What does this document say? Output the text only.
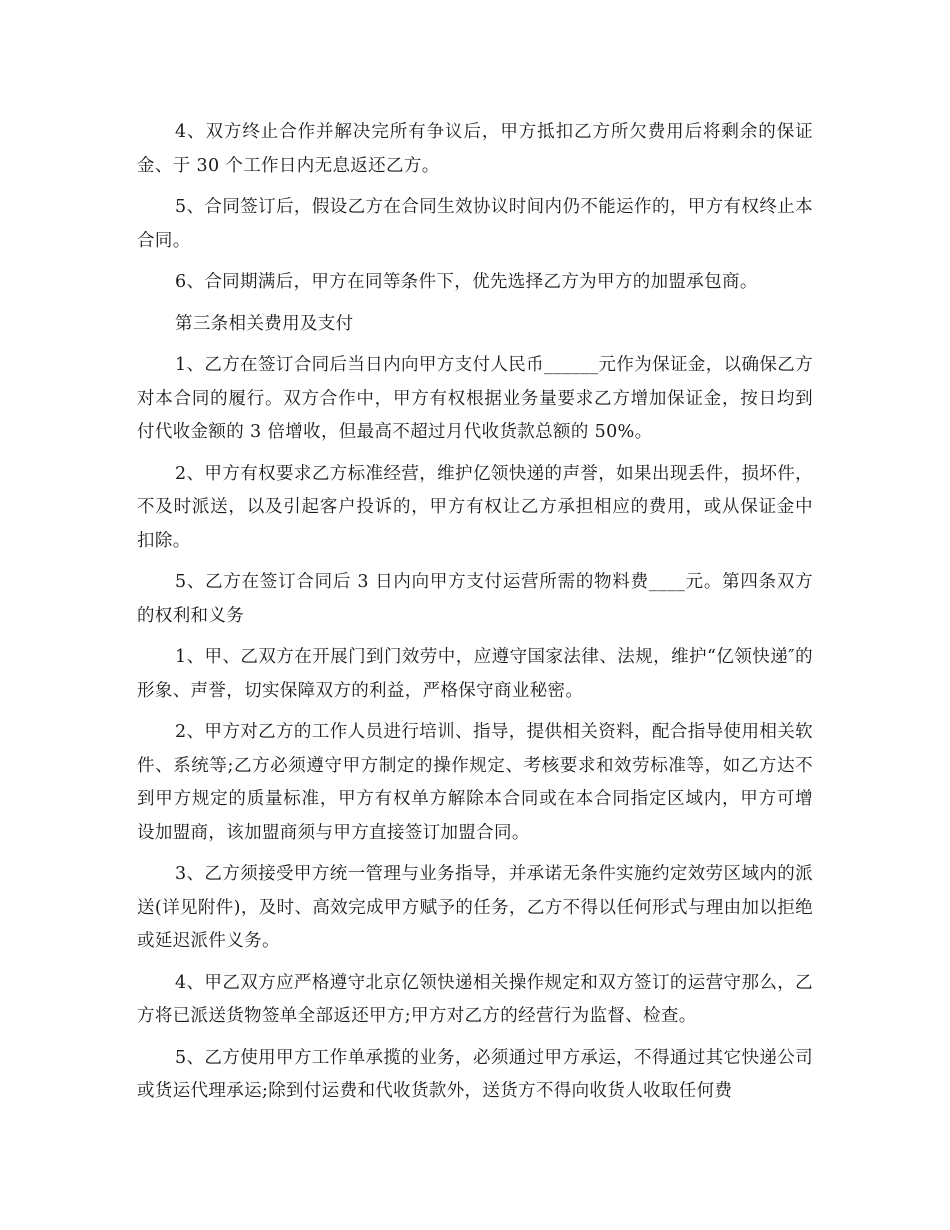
4、双方终止合作并解决完所有争议后，甲方抵扣乙方所欠费用后将剩余的保证金、于 30 个工作日内无息返还乙方。

5、合同签订后，假设乙方在合同生效协议时间内仍不能运作的，甲方有权终止本合同。

6、合同期满后，甲方在同等条件下，优先选择乙方为甲方的加盟承包商。

第三条相关费用及支付

1、乙方在签订合同后当日内向甲方支付人民币______元作为保证金，以确保乙方对本合同的履行。双方合作中，甲方有权根据业务量要求乙方增加保证金，按日均到付代收金额的 3 倍增收，但最高不超过月代收货款总额的 50%。

2、甲方有权要求乙方标准经营，维护亿领快递的声誉，如果出现丢件，损坏件，不及时派送，以及引起客户投诉的，甲方有权让乙方承担相应的费用，或从保证金中扣除。

5、乙方在签订合同后 3 日内向甲方支付运营所需的物料费____元。第四条双方的权利和义务

1、甲、乙双方在开展门到门效劳中，应遵守国家法律、法规，维护“亿领快递″的形象、声誉，切实保障双方的利益，严格保守商业秘密。

2、甲方对乙方的工作人员进行培训、指导，提供相关资料，配合指导使用相关软件、系统等;乙方必须遵守甲方制定的操作规定、考核要求和效劳标准等，如乙方达不到甲方规定的质量标准，甲方有权单方解除本合同或在本合同指定区域内，甲方可增设加盟商，该加盟商须与甲方直接签订加盟合同。

3、乙方须接受甲方统一管理与业务指导，并承诺无条件实施约定效劳区域内的派送(详见附件)，及时、高效完成甲方赋予的任务，乙方不得以任何形式与理由加以拒绝或延迟派件义务。

4、甲乙双方应严格遵守北京亿领快递相关操作规定和双方签订的运营守那么，乙方将已派送货物签单全部返还甲方;甲方对乙方的经营行为监督、检查。

5、乙方使用甲方工作单承揽的业务，必须通过甲方承运，不得通过其它快递公司或货运代理承运;除到付运费和代收货款外，送货方不得向收货人收取任何费
